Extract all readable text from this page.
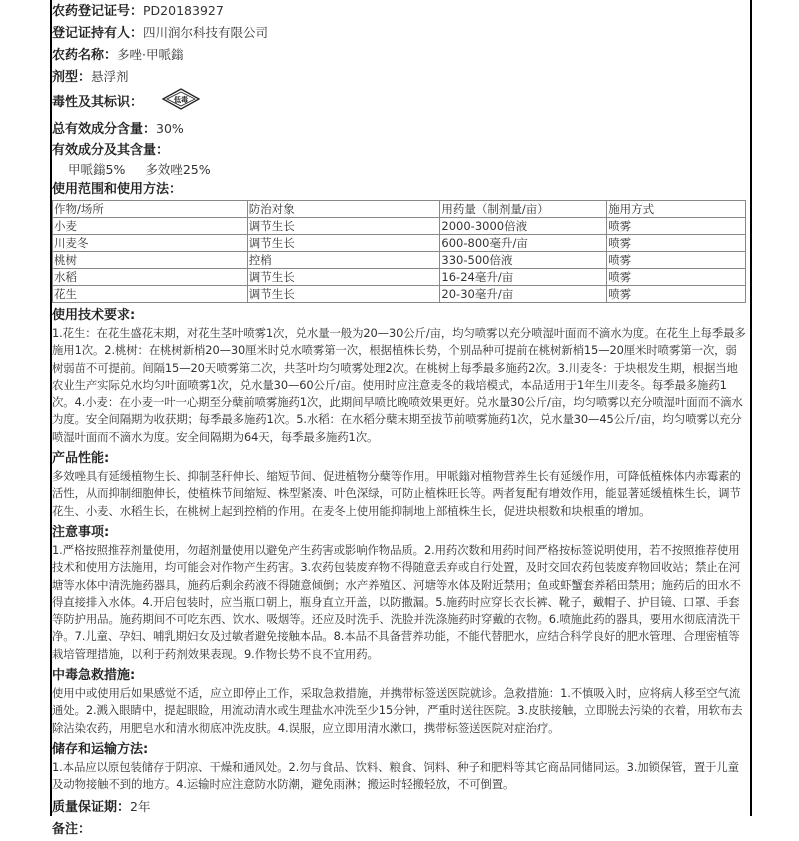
农药登记证号：PD20183927
登记证持有人：四川润尔科技有限公司
农药名称：多唑·甲哌鎓
剂型：悬浮剂
毒性及其标识：	低毒
总有效成分含量：30%
有效成分及其含量：
甲哌鎓5% 多效唑25%
使用范围和使用方法：
作物/场所	防治对象	用药量（制剂量/亩）	施用方式
小麦	调节生长	2000-3000倍液	喷雾
川麦冬	调节生长	600-800毫升/亩	喷雾
桃树	控梢	330-500倍液	喷雾
水稻	调节生长	16-24毫升/亩	喷雾
花生	调节生长	20-30毫升/亩	喷雾
使用技术要求:
1.花生：在花生盛花末期，对花生茎叶喷雾1次，兑水量一般为20—30公斤/亩，均匀喷雾以充分喷湿叶面而不滴水为度。在花生上每季最多施用1次。2.桃树：在桃树新梢20—30厘米时兑水喷雾第一次，根据植株长势，个别品种可提前在桃树新梢15—20厘米时喷雾第一次，弱树弱苗不可提前。间隔15—20天喷雾第二次，共茎叶均匀喷雾处理2次。在桃树上每季最多施药2次。3.川麦冬：于块根发生期，根据当地农业生产实际兑水均匀叶面喷雾1次，兑水量30—60公斤/亩。使用时应注意麦冬的栽培模式，本品适用于1年生川麦冬。每季最多施药1次。4.小麦：在小麦一叶一心期至分蘖前喷雾施药1次，此期间早喷比晚喷效果更好。兑水量30公斤/亩，均匀喷雾以充分喷湿叶面而不滴水为度。安全间隔期为收获期；每季最多施药1次。5.水稻：在水稻分蘖末期至拔节前喷雾施药1次，兑水量30—45公斤/亩，均匀喷雾以充分喷湿叶面而不滴水为度。安全间隔期为64天，每季最多施药1次。
产品性能:
多效唑具有延缓植物生长、抑制茎秆伸长、缩短节间、促进植物分蘖等作用。甲哌鎓对植物营养生长有延缓作用，可降低植株体内赤霉素的活性，从而抑制细胞伸长，使植株节间缩短、株型紧凑、叶色深绿，可防止植株旺长等。两者复配有增效作用，能显著延缓植株生长，调节花生、小麦、水稻生长，在桃树上起到控梢的作用。在麦冬上使用能抑制地上部植株生长，促进块根数和块根重的增加。
注意事项:
1.严格按照推荐剂量使用，勿超剂量使用以避免产生药害或影响作物品质。2.用药次数和用药时间严格按标签说明使用，若不按照推荐使用技术和使用方法施用，均可能会对作物产生药害。3.农药包装废弃物不得随意丢弃或自行处置，及时交回农药包装废弃物回收站；禁止在河塘等水体中清洗施药器具，施药后剩余药液不得随意倾倒；水产养殖区、河塘等水体及附近禁用；鱼或虾蟹套养稻田禁用；施药后的田水不得直接排入水体。4.开启包装时，应当瓶口朝上，瓶身直立开盖，以防撒漏。5.施药时应穿长衣长裤、靴子，戴帽子、护目镜、口罩、手套等防护用品。施药期间不可吃东西、饮水、吸烟等。还应及时洗手、洗脸并洗涤施药时穿戴的衣物。6.喷施此药的器具，要用水彻底清洗干净。7.儿童、孕妇、哺乳期妇女及过敏者避免接触本品。8.本品不具备营养功能，不能代替肥水，应结合科学良好的肥水管理、合理密植等栽培管理措施，以利于药剂效果表现。9.作物长势不良不宜用药。
中毒急救措施:
使用中或使用后如果感觉不适，应立即停止工作，采取急救措施，并携带标签送医院就诊。急救措施：1.不慎吸入时，应将病人移至空气流通处。2.溅入眼睛中，提起眼睑，用流动清水或生理盐水冲洗至少15分钟，严重时送往医院。3.皮肤接触，立即脱去污染的衣着，用软布去除沾染农药，用肥皂水和清水彻底冲洗皮肤。4.误服，应立即用清水漱口，携带标签送医院对症治疗。
储存和运输方法:
1.本品应以原包装储存于阴凉、干燥和通风处。2.勿与食品、饮料、粮食、饲料、种子和肥料等其它商品同储同运。3.加锁保管，置于儿童及动物接触不到的地方。4.运输时应注意防水防潮，避免雨淋；搬运时轻搬轻放，不可倒置。
质量保证期：2年
备注：
